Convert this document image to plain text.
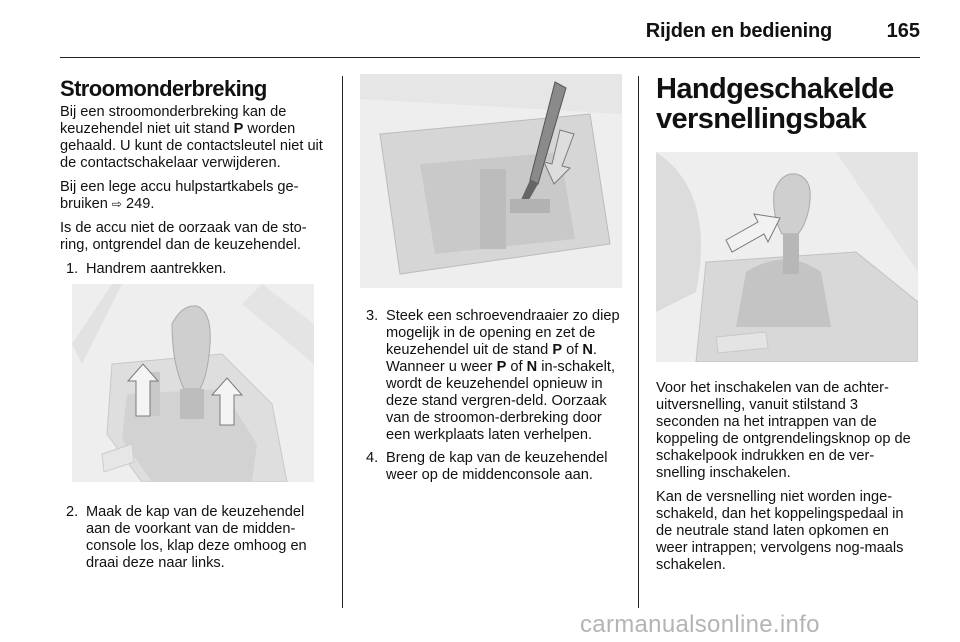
Rijden en bediening	165
Stroomonderbreking

Bij een stroomonderbreking kan de keuzehendel niet uit stand P worden gehaald. U kunt de contactsleutel niet uit de contactschakelaar verwijderen.

Bij een lege accu hulpstartkabels ge-bruiken ⇨ 249.

Is de accu niet de oorzaak van de sto-ring, ontgrendel dan de keuzehendel.

1. Handrem aantrekken.
2. Maak de kap van de keuzehendel aan de voorkant van de midden-console los, klap deze omhoog en draai deze naar links.
3. Steek een schroevendraaier zo diep mogelijk in de opening en zet de keuzehendel uit de stand P of N. Wanneer u weer P of N in-schakelt, wordt de keuzehendel opnieuw in deze stand vergren-deld. Oorzaak van de stroomon-derbreking door een werkplaats laten verhelpen.
4. Breng de kap van de keuzehendel weer op de middenconsole aan.
Handgeschakelde versnellingsbak

Voor het inschakelen van de achter-uitversnelling, vanuit stilstand 3 seconden na het intrappen van de koppeling de ontgrendelingsknop op de schakelpook indrukken en de ver-snelling inschakelen.

Kan de versnelling niet worden inge-schakeld, dan het koppelingspedaal in de neutrale stand laten opkomen en weer intrappen; vervolgens nog-maals schakelen.

carmanualsonline.info
